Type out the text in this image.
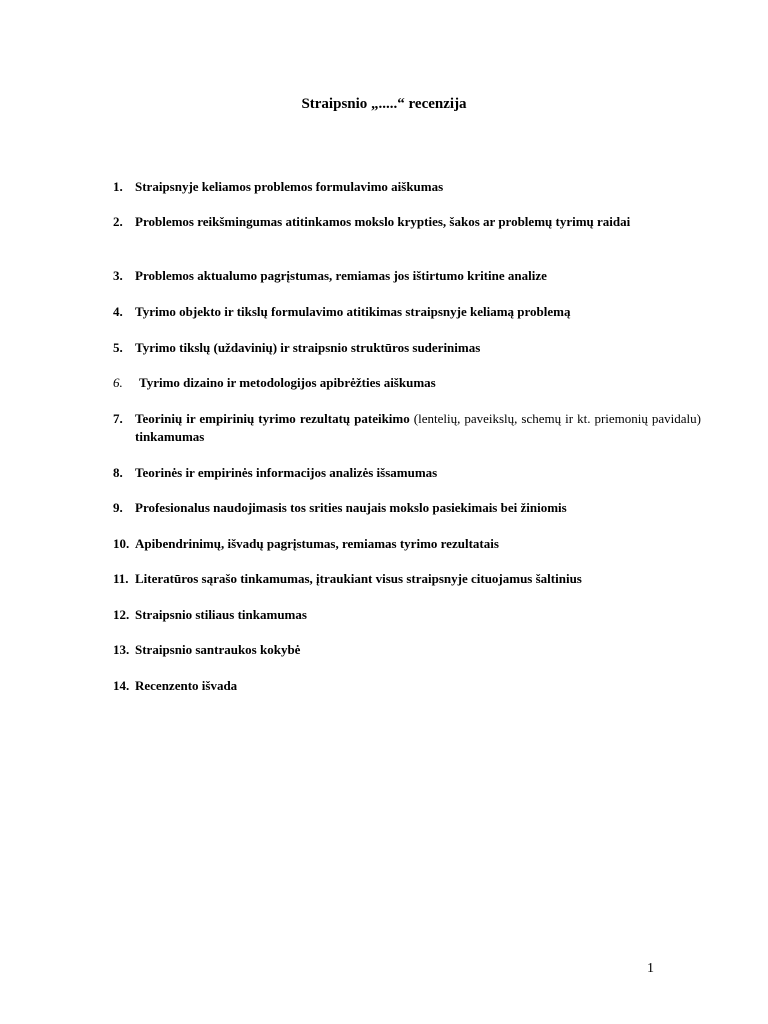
Straipsnio „.....“ recenzija
1. Straipsnyje keliamos problemos formulavimo aiškumas
2. Problemos reikšmingumas atitinkamos mokslo krypties, šakos ar problemų tyrimų raidai
3. Problemos aktualumo pagrįstumas, remiamas jos ištirtumo kritine analize
4. Tyrimo objekto ir tikslų formulavimo atitikimas straipsnyje keliamą problemą
5. Tyrimo tikslų (uždavinių) ir straipsnio struktūros suderinimas
6. Tyrimo dizaino ir metodologijos apibrėžties aiškumas
7. Teorinių ir empirinių tyrimo rezultatų pateikimo (lentelių, paveikslų, schemų ir kt. priemonių pavidalu) tinkamumas
8. Teorinės ir empirinės informacijos analizės išsamumas
9. Profesionalus naudojimasis tos srities naujais mokslo pasiekimais bei žiniomis
10. Apibendrinimų, išvadų pagrįstumas, remiamas tyrimo rezultatais
11. Literatūros sąrašo tinkamumas, įtraukiant visus straipsnyje cituojamus šaltinius
12. Straipsnio stiliaus tinkamumas
13. Straipsnio santraukos kokybė
14. Recenzento išvada
1
